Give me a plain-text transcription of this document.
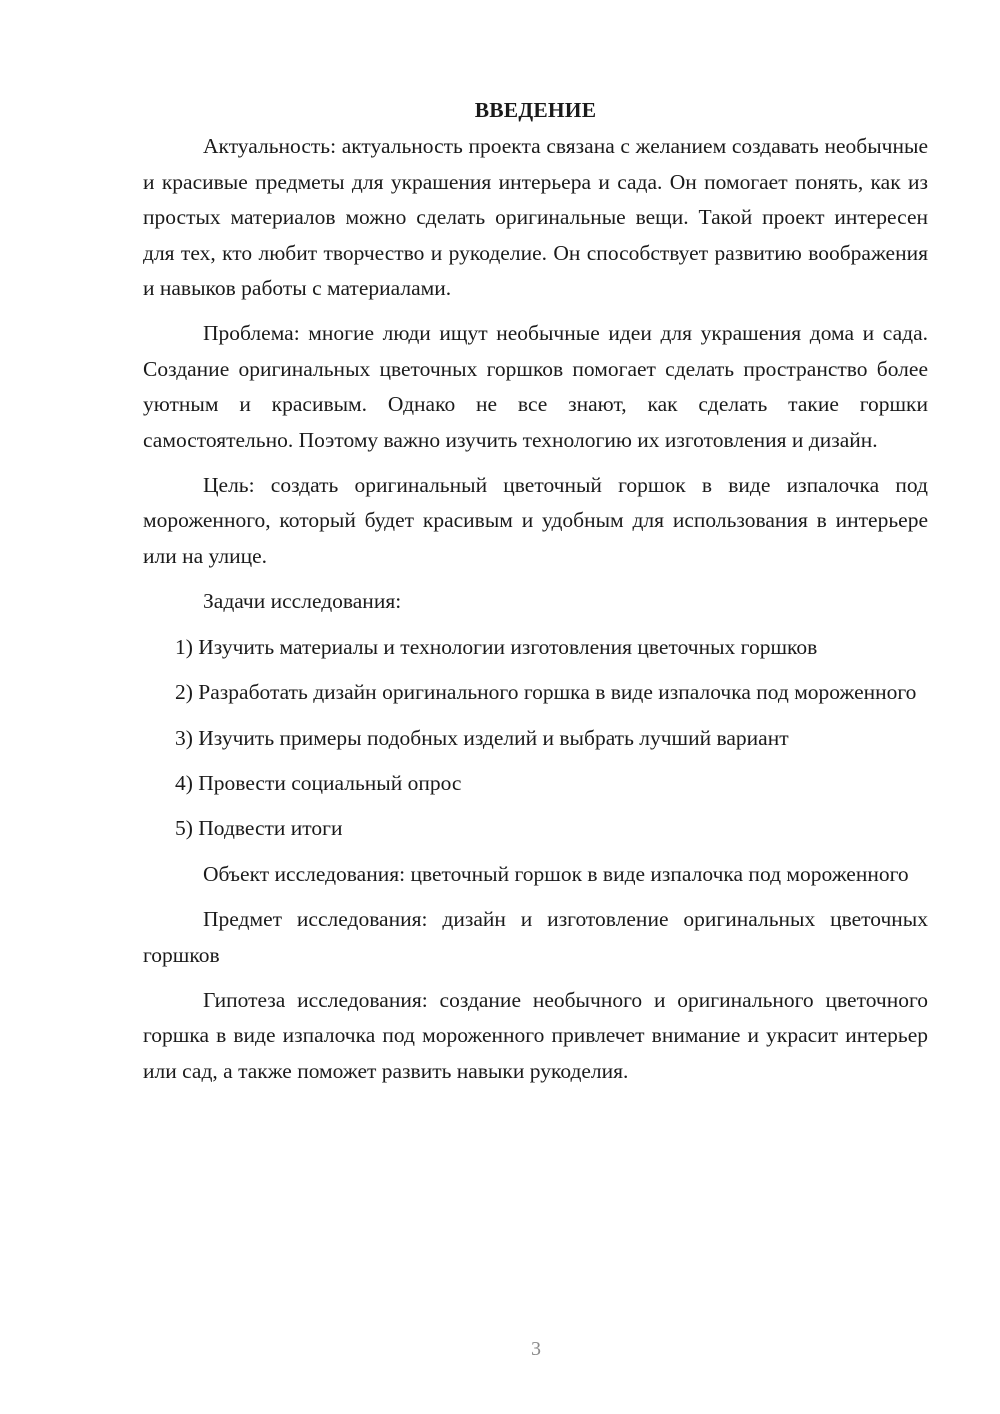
ВВЕДЕНИЕ

Актуальность: актуальность проекта связана с желанием создавать необычные и красивые предметы для украшения интерьера и сада. Он помогает понять, как из простых материалов можно сделать оригинальные вещи. Такой проект интересен для тех, кто любит творчество и рукоделие. Он способствует развитию воображения и навыков работы с материалами.

Проблема: многие люди ищут необычные идеи для украшения дома и сада. Создание оригинальных цветочных горшков помогает сделать пространство более уютным и красивым. Однако не все знают, как сделать такие горшки самостоятельно. Поэтому важно изучить технологию их изготовления и дизайн.

Цель: создать оригинальный цветочный горшок в виде изпалочка под мороженного, который будет красивым и удобным для использования в интерьере или на улице.

Задачи исследования:

1) Изучить материалы и технологии изготовления цветочных горшков

2) Разработать дизайн оригинального горшка в виде изпалочка под мороженного

3) Изучить примеры подобных изделий и выбрать лучший вариант

4) Провести социальный опрос

5) Подвести итоги

Объект исследования: цветочный горшок в виде изпалочка под мороженного

Предмет исследования: дизайн и изготовление оригинальных цветочных горшков

Гипотеза исследования: создание необычного и оригинального цветочного горшка в виде изпалочка под мороженного привлечет внимание и украсит интерьер или сад, а также поможет развить навыки рукоделия.

3
